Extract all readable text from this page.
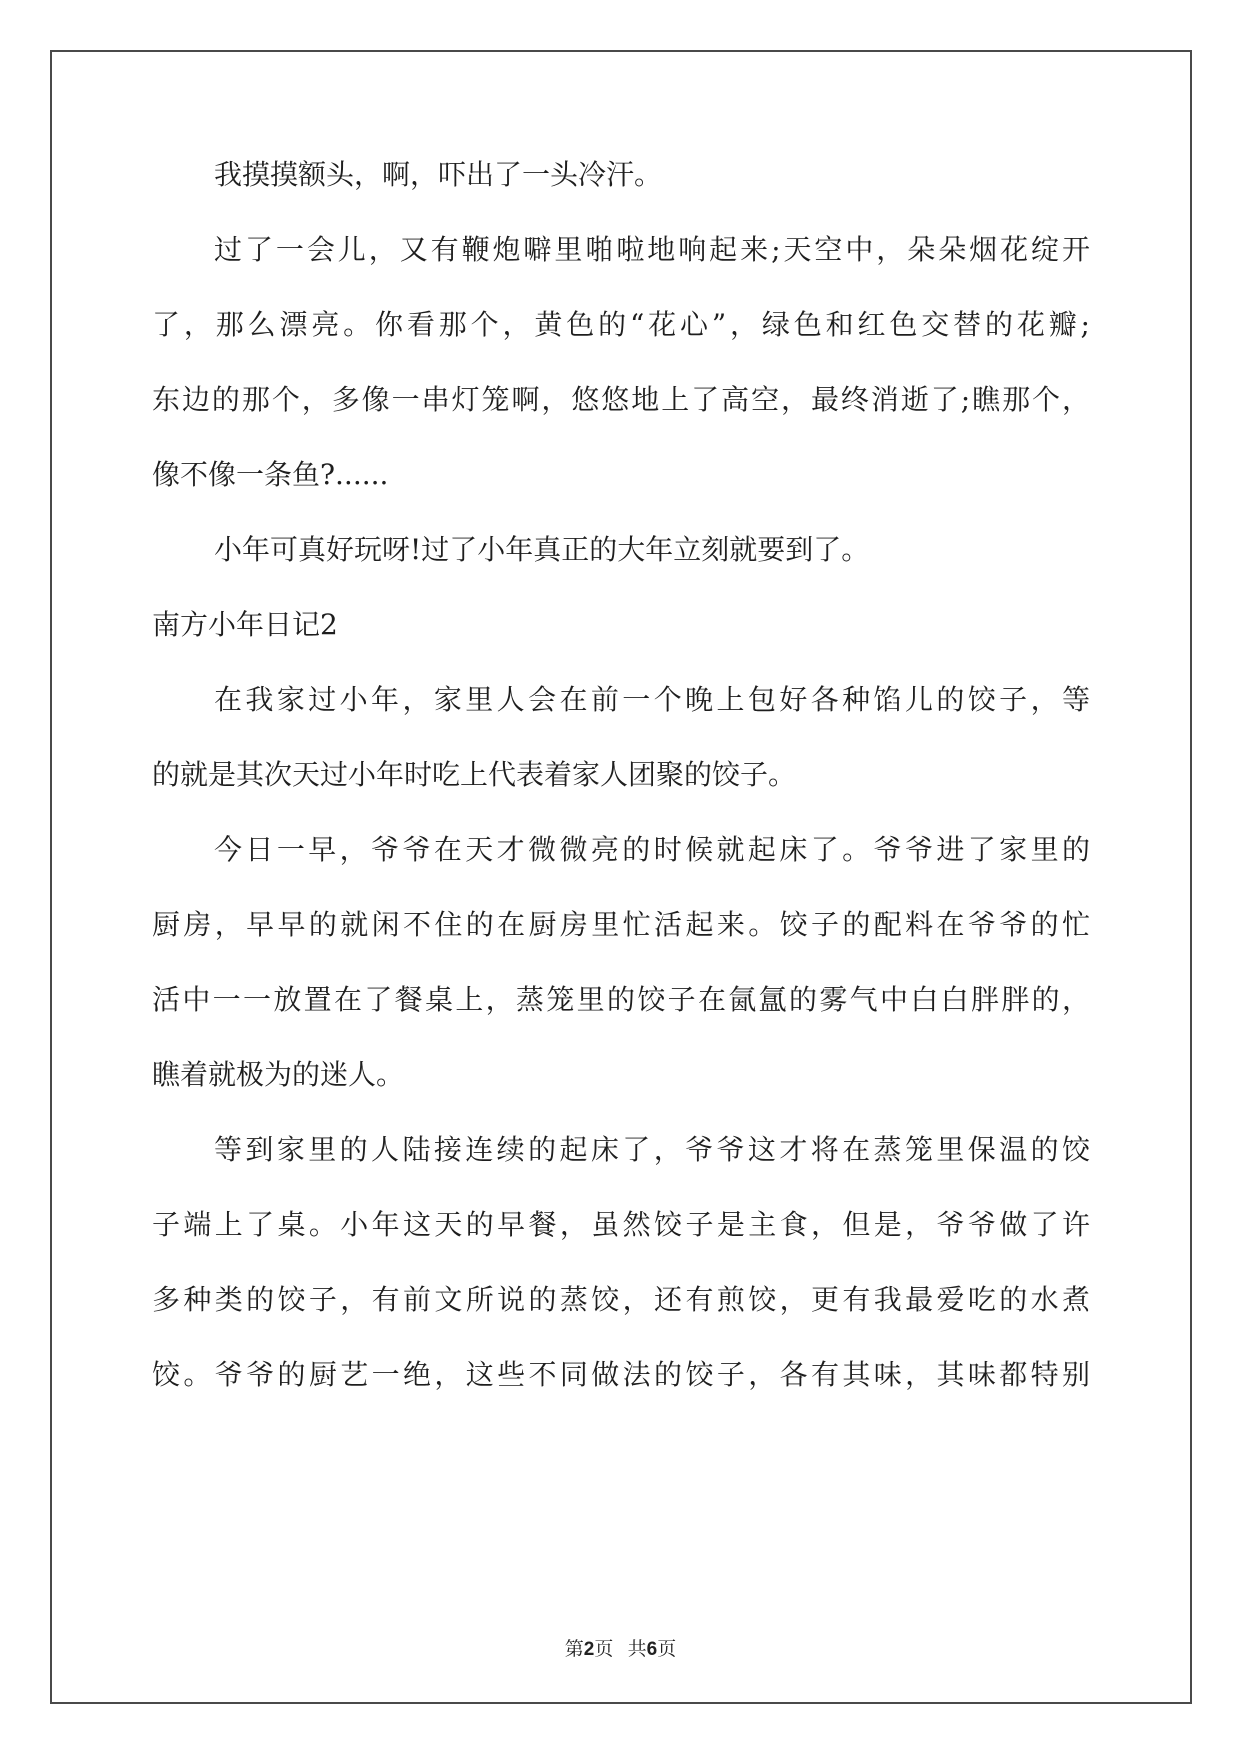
我摸摸额头，啊，吓出了一头冷汗。

过了一会儿，又有鞭炮噼里啪啦地响起来;天空中，朵朵烟花绽开

了，那么漂亮。你看那个，黄色的“花心”，绿色和红色交替的花瓣;

东边的那个，多像一串灯笼啊，悠悠地上了高空，最终消逝了;瞧那个，

像不像一条鱼?......

小年可真好玩呀!过了小年真正的大年立刻就要到了。

南方小年日记2

在我家过小年，家里人会在前一个晚上包好各种馅儿的饺子，等

的就是其次天过小年时吃上代表着家人团聚的饺子。

今日一早，爷爷在天才微微亮的时候就起床了。爷爷进了家里的

厨房，早早的就闲不住的在厨房里忙活起来。饺子的配料在爷爷的忙

活中一一放置在了餐桌上，蒸笼里的饺子在氤氲的雾气中白白胖胖的，

瞧着就极为的迷人。

等到家里的人陆接连续的起床了，爷爷这才将在蒸笼里保温的饺

子端上了桌。小年这天的早餐，虽然饺子是主食，但是，爷爷做了许

多种类的饺子，有前文所说的蒸饺，还有煎饺，更有我最爱吃的水煮

饺。爷爷的厨艺一绝，这些不同做法的饺子，各有其味，其味都特别

第2页   共6页
